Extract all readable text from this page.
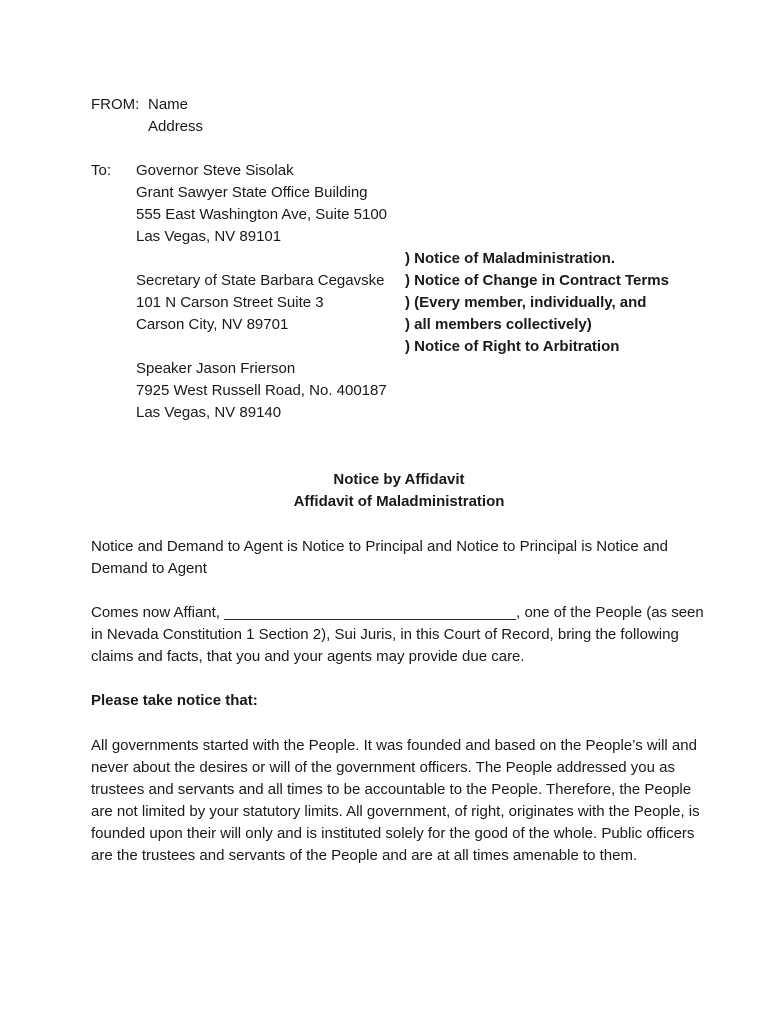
FROM: Name
Address
To: Governor Steve Sisolak
Grant Sawyer State Office Building
555 East Washington Ave, Suite 5100
Las Vegas, NV 89101
Secretary of State Barbara Cegavske
101 N Carson Street Suite 3
Carson City, NV 89701
Speaker Jason Frierson
7925 West Russell Road, No. 400187
Las Vegas, NV 89140
) Notice of Maladministration.
) Notice of Change in Contract Terms
) (Every member, individually, and
) all members collectively)
) Notice of Right to Arbitration
Notice by Affidavit
Affidavit of Maladministration
Notice and Demand to Agent is Notice to Principal and Notice to Principal is Notice and Demand to Agent
Comes now Affiant, ___________________________________, one of the People (as seen in Nevada Constitution 1 Section 2), Sui Juris, in this Court of Record, bring the following claims and facts, that you and your agents may provide due care.
Please take notice that:
All governments started with the People. It was founded and based on the People’s will and never about the desires or will of the government officers. The People addressed you as trustees and servants and all times to be accountable to the People. Therefore, the People are not limited by your statutory limits. All government, of right, originates with the People, is founded upon their will only and is instituted solely for the good of the whole. Public officers are the trustees and servants of the People and are at all times amenable to them.
